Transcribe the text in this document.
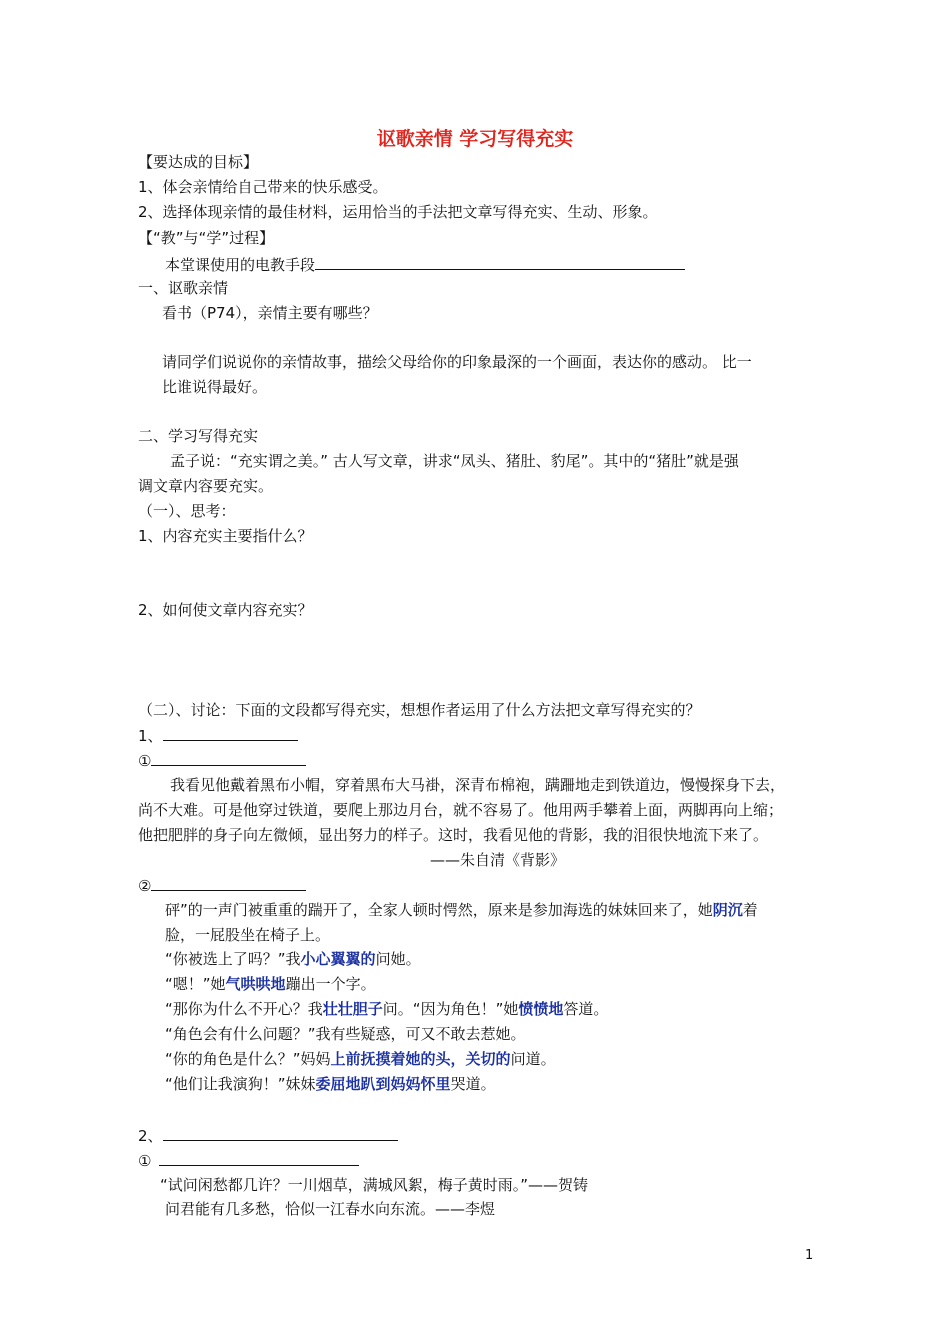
讴歌亲情 学习写得充实
【要达成的目标】
1、体会亲情给自己带来的快乐感受。
2、选择体现亲情的最佳材料，运用恰当的手法把文章写得充实、生动、形象。
【“教”与“学”过程】
本堂课使用的电教手段
一、讴歌亲情
看书（P74），亲情主要有哪些？
请同学们说说你的亲情故事，描绘父母给你的印象最深的一个画面，表达你的感动。 比一
比谁说得最好。
二、学习写得充实
孟子说：“充实谓之美。” 古人写文章，讲求“凤头、猪肚、豹尾”。其中的“猪肚”就是强
调文章内容要充实。
（一）、思考：
1、内容充实主要指什么？
2、如何使文章内容充实？
（二）、讨论：下面的文段都写得充实，想想作者运用了什么方法把文章写得充实的？
1、
①
我看见他戴着黑布小帽，穿着黑布大马褂，深青布棉袍，蹒跚地走到铁道边，慢慢探身下去，
尚不大难。可是他穿过铁道，要爬上那边月台，就不容易了。他用两手攀着上面，两脚再向上缩；
他把肥胖的身子向左微倾，显出努力的样子。这时，我看见他的背影，我的泪很快地流下来了。
——朱自清《背影》
②
砰”的一声门被重重的踹开了，全家人顿时愕然，原来是参加海选的妹妹回来了，她阴沉着
脸，一屁股坐在椅子上。
“你被选上了吗？”我小心翼翼的问她。
“嗯！”她气哄哄地蹦出一个字。
“那你为什么不开心？我壮壮胆子问。“因为角色！”她愤愤地答道。
“角色会有什么问题？”我有些疑惑，可又不敢去惹她。
“你的角色是什么？”妈妈上前抚摸着她的头，关切的问道。
“他们让我演狗！”妹妹委屈地趴到妈妈怀里哭道。
2、
①
“试问闲愁都几许？一川烟草，满城风絮，梅子黄时雨。”——贺铸
问君能有几多愁，恰似一江春水向东流。——李煜
1
